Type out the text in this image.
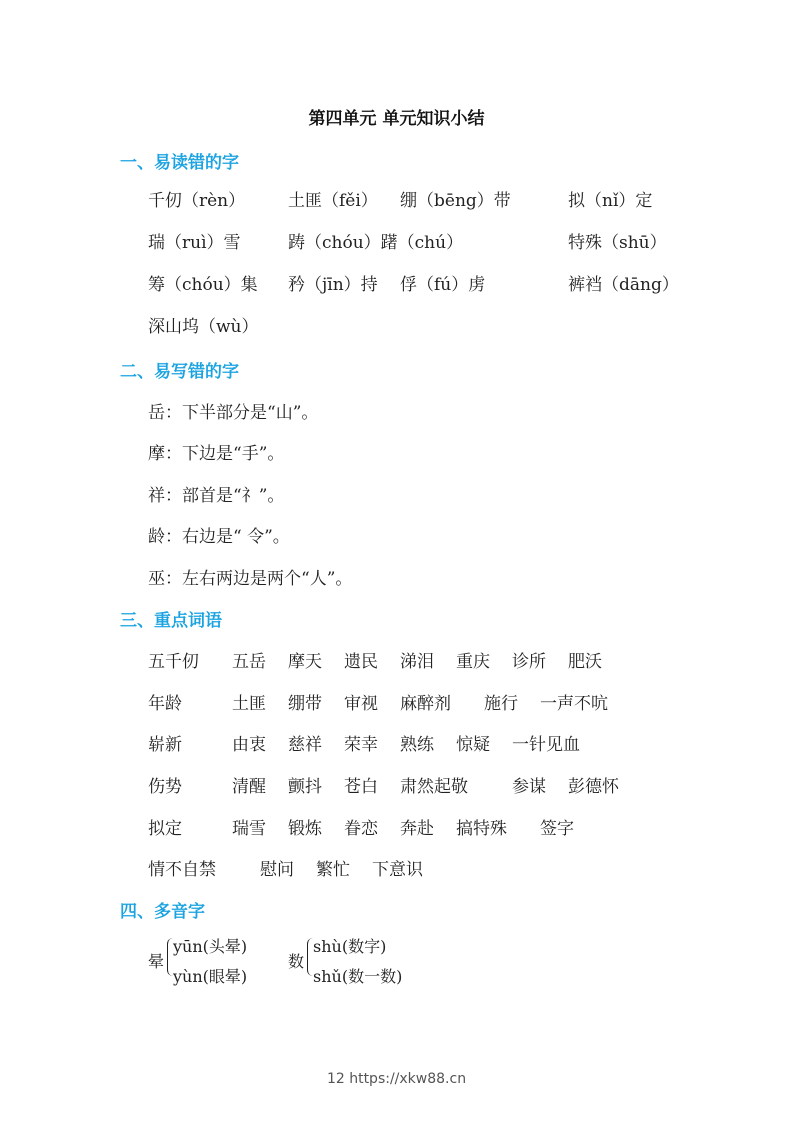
第四单元 单元知识小结
一、易读错的字
千仞（rèn）	土匪（fěi） 绷（bēng）带	拟（nǐ）定
瑞（ruì）雪	踌（chóu）躇（chú）	特殊（shū）
筹（chóu）集 矜（jīn）持 俘（fú）虏	裤裆（dāng）
深山坞（wù）
二、易写错的字
岳：下半部分是“山”。
摩：下边是“手”。
祥：部首是“礻”。
龄：右边是“ 令”。
巫：左右两边是两个“人”。
三、重点词语
五千仞 五岳 摩天 遗民 涕泪 重庆 诊所 肥沃
年龄	土匪 绷带 审视 麻醉剂 施行 一声不吭
崭新	由衷 慈祥 荣幸 熟练 惊疑 一针见血
伤势	清醒 颤抖 苍白 肃然起敬	参谋 彭德怀
拟定	瑞雪 锻炼 眷恋 奔赴 搞特殊 签字
情不自禁	慰问 繁忙 下意识
四、多音字
晕
yūn(头晕)
yùn(眼晕)
数
shù(数字)
shǔ(数一数)
12 https://xkw88.cn
